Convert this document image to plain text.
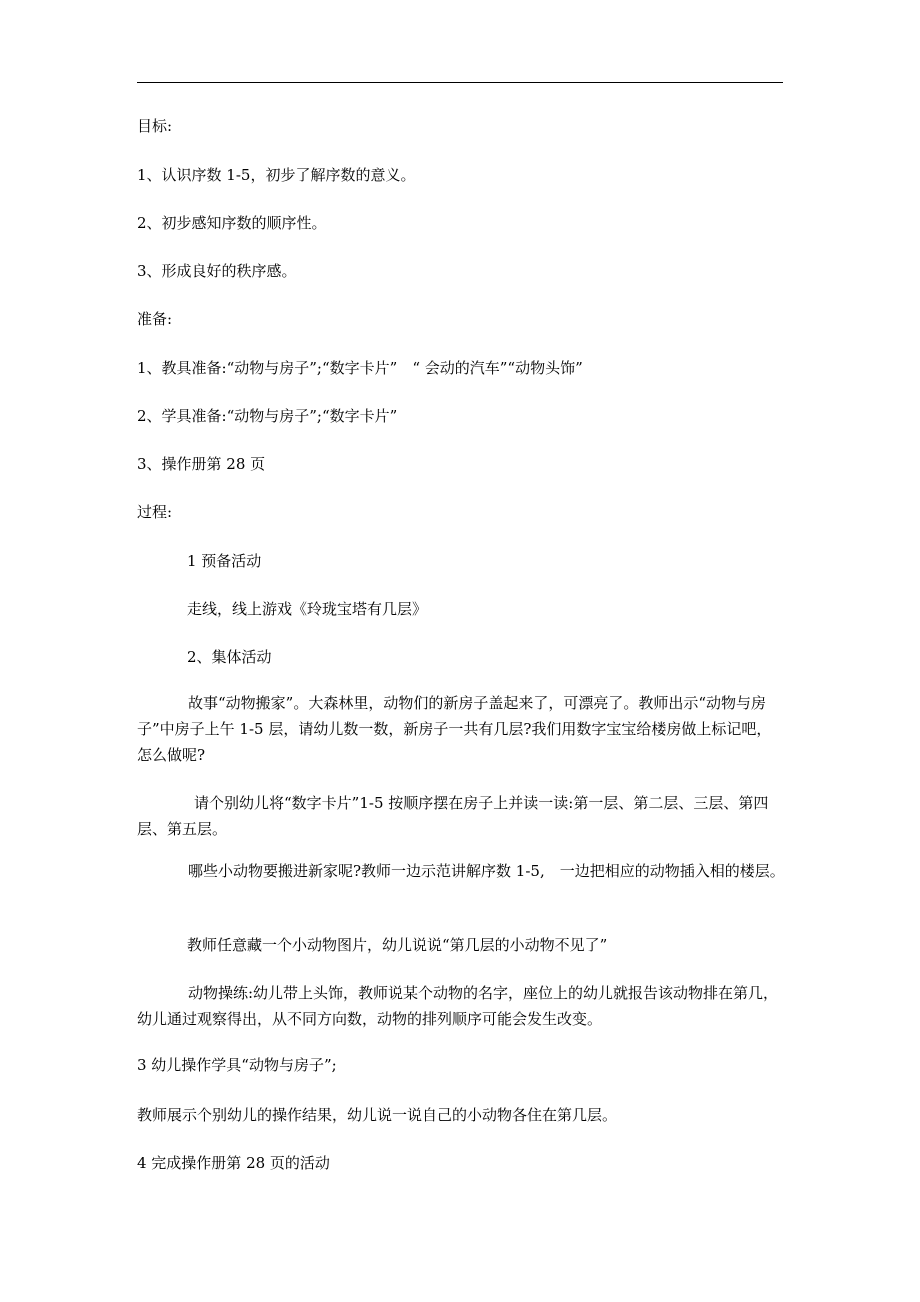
目标:

1、认识序数 1-5，初步了解序数的意义。

2、初步感知序数的顺序性。

3、形成良好的秩序感。

准备:

1、教具准备:“动物与房子”;“数字卡片”　“ 会动的汽车”“动物头饰”

2、学具准备:“动物与房子”;“数字卡片”

3、操作册第 28 页

过程:

1 预备活动

走线，线上游戏《玲珑宝塔有几层》

2、集体活动

故事“动物搬家”。大森林里，动物们的新房子盖起来了，可漂亮了。教师出示“动物与房子”中房子上午 1-5 层，请幼儿数一数，新房子一共有几层?我们用数字宝宝给楼房做上标记吧，怎么做呢?

请个别幼儿将“数字卡片”1-5 按顺序摆在房子上并读一读:第一层、第二层、三层、第四层、第五层。

哪些小动物要搬进新家呢?教师一边示范讲解序数 1-5,　一边把相应的动物插入相的楼层。

教师任意藏一个小动物图片，幼儿说说“第几层的小动物不见了”

动物操练:幼儿带上头饰，教师说某个动物的名字，座位上的幼儿就报告该动物排在第几，幼儿通过观察得出，从不同方向数，动物的排列顺序可能会发生改变。

3 幼儿操作学具“动物与房子”;

教师展示个别幼儿的操作结果，幼儿说一说自己的小动物各住在第几层。

4 完成操作册第 28 页的活动
